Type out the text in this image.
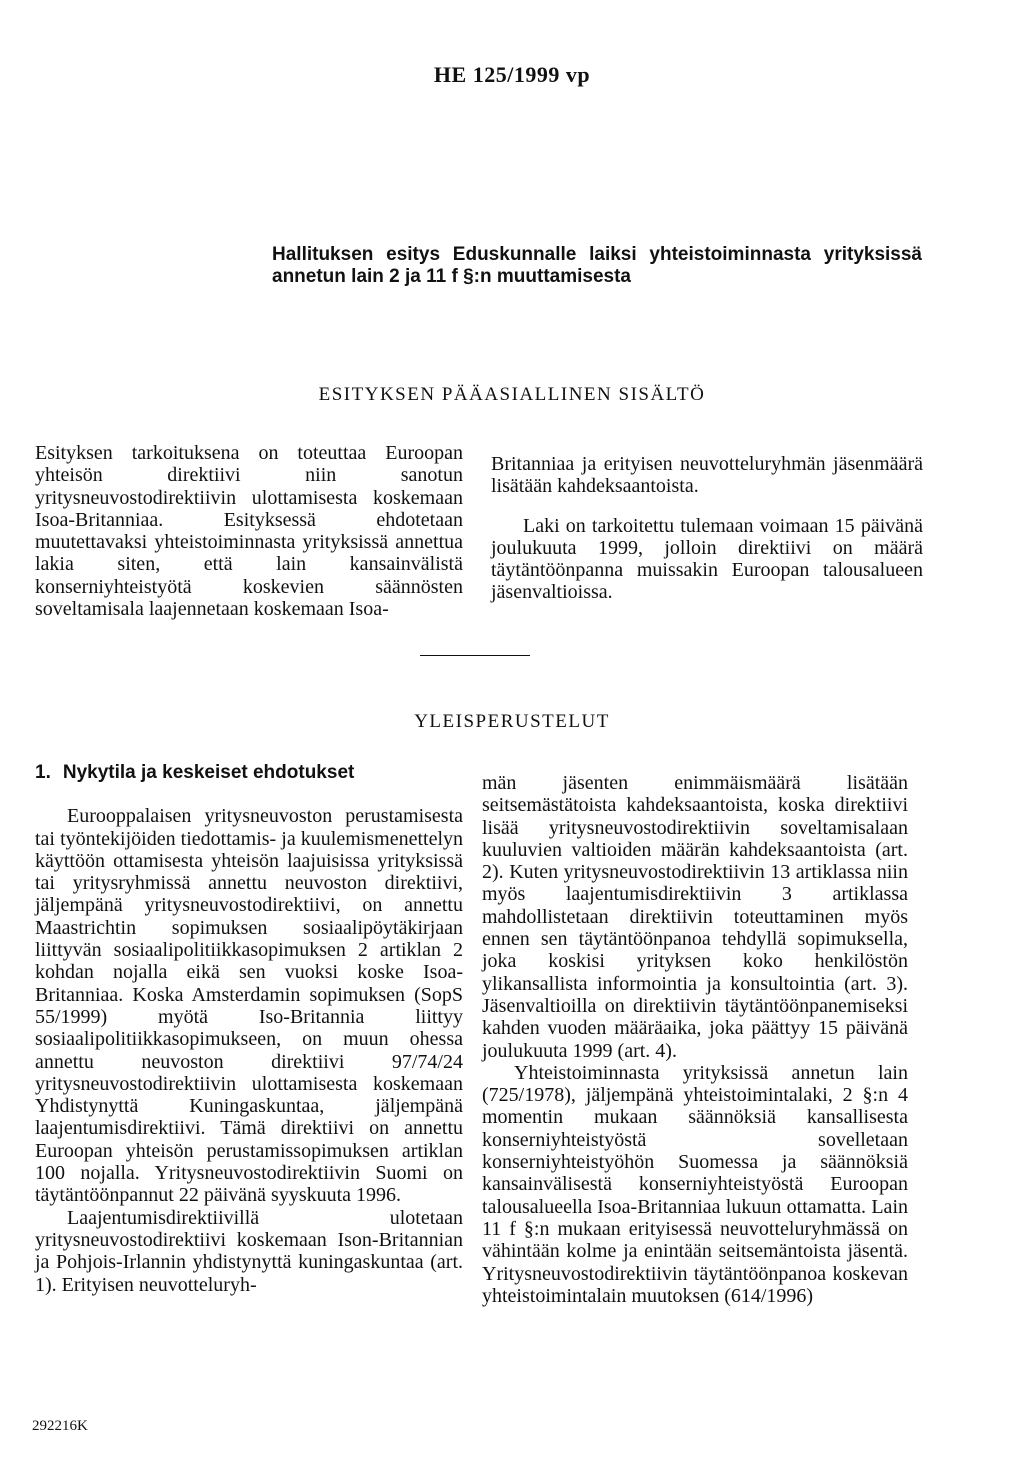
HE 125/1999 vp
Hallituksen esitys Eduskunnalle laiksi yhteistoiminnasta yrityksissä annetun lain 2 ja 11 f §:n muuttamisesta
ESITYKSEN PÄÄASIALLINEN SISÄLTÖ

Esityksen tarkoituksena on toteuttaa Euroopan yhteisön direktiivi niin sanotun yritysneuvostodirektiivin ulottamisesta koskemaan Isoa-Britanniaa. Esityksessä ehdotetaan muutettavaksi yhteistoiminnasta yrityksissä annettua lakia siten, että lain kansainvälistä konserniyhteistyötä koskevien säännösten soveltamisala laajennetaan koskemaan Isoa-

Britanniaa ja erityisen neuvotteluryhmän jäsenmäärä lisätään kahdeksaantoista.

Laki on tarkoitettu tulemaan voimaan 15 päivänä joulukuuta 1999, jolloin direktiivi on määrä täytäntöönpanna muissakin Euroopan talousalueen jäsenvaltioissa.

YLEISPERUSTELUT
1. Nykytila ja keskeiset ehdotukset

Eurooppalaisen yritysneuvoston perustamisesta tai työntekijöiden tiedottamis- ja kuulemismenettelyn käyttöön ottamisesta yhteisön laajuisissa yrityksissä tai yritysryhmissä annettu neuvoston direktiivi, jäljempänä yritysneuvostodirektiivi, on annettu Maastrichtin sopimuksen sosiaalipöytäkirjaan liittyvän sosiaalipolitiikkasopimuksen 2 artiklan 2 kohdan nojalla eikä sen vuoksi koske Isoa-Britanniaa. Koska Amsterdamin sopimuksen (SopS 55/1999) myötä Iso-Britannia liittyy sosiaalipolitiikkasopimukseen, on muun ohessa annettu neuvoston direktiivi 97/74/24 yritysneuvostodirektiivin ulottamisesta koskemaan Yhdistynyttä Kuningaskuntaa, jäljempänä laajentumisdirektiivi. Tämä direktiivi on annettu Euroopan yhteisön perustamissopimuksen artiklan 100 nojalla. Yritysneuvostodirektiivin Suomi on täytäntöönpannut 22 päivänä syyskuuta 1996.

Laajentumisdirektiivillä ulotetaan yritysneuvostodirektiivi koskemaan Ison-Britannian ja Pohjois-Irlannin yhdistynyttä kuningaskuntaa (art. 1). Erityisen neuvotteluryh-

män jäsenten enimmäismäärä lisätään seitsemästätoista kahdeksaantoista, koska direktiivi lisää yritysneuvostodirektiivin soveltamisalaan kuuluvien valtioiden määrän kahdeksaantoista (art. 2). Kuten yritysneuvostodirektiivin 13 artiklassa niin myös laajentumisdirektiivin 3 artiklassa mahdollistetaan direktiivin toteuttaminen myös ennen sen täytäntöönpanoa tehdyllä sopimuksella, joka koskisi yrityksen koko henkilöstön ylikansallista informointia ja konsultointia (art. 3). Jäsenvaltioilla on direktiivin täytäntöönpanemiseksi kahden vuoden määräaika, joka päättyy 15 päivänä joulukuuta 1999 (art. 4).

Yhteistoiminnasta yrityksissä annetun lain (725/1978), jäljempänä yhteistoimintalaki, 2 §:n 4 momentin mukaan säännöksiä kansallisesta konserniyhteistyöstä sovelletaan konserniyhteistyöhön Suomessa ja säännöksiä kansainvälisestä konserniyhteistyöstä Euroopan talousalueella Isoa-Britanniaa lukuun ottamatta. Lain 11 f §:n mukaan erityisessä neuvotteluryhmässä on vähintään kolme ja enintään seitsemäntoista jäsentä. Yritysneuvostodirektiivin täytäntöönpanoa koskevan yhteistoimintalain muutoksen (614/1996)

292216K
